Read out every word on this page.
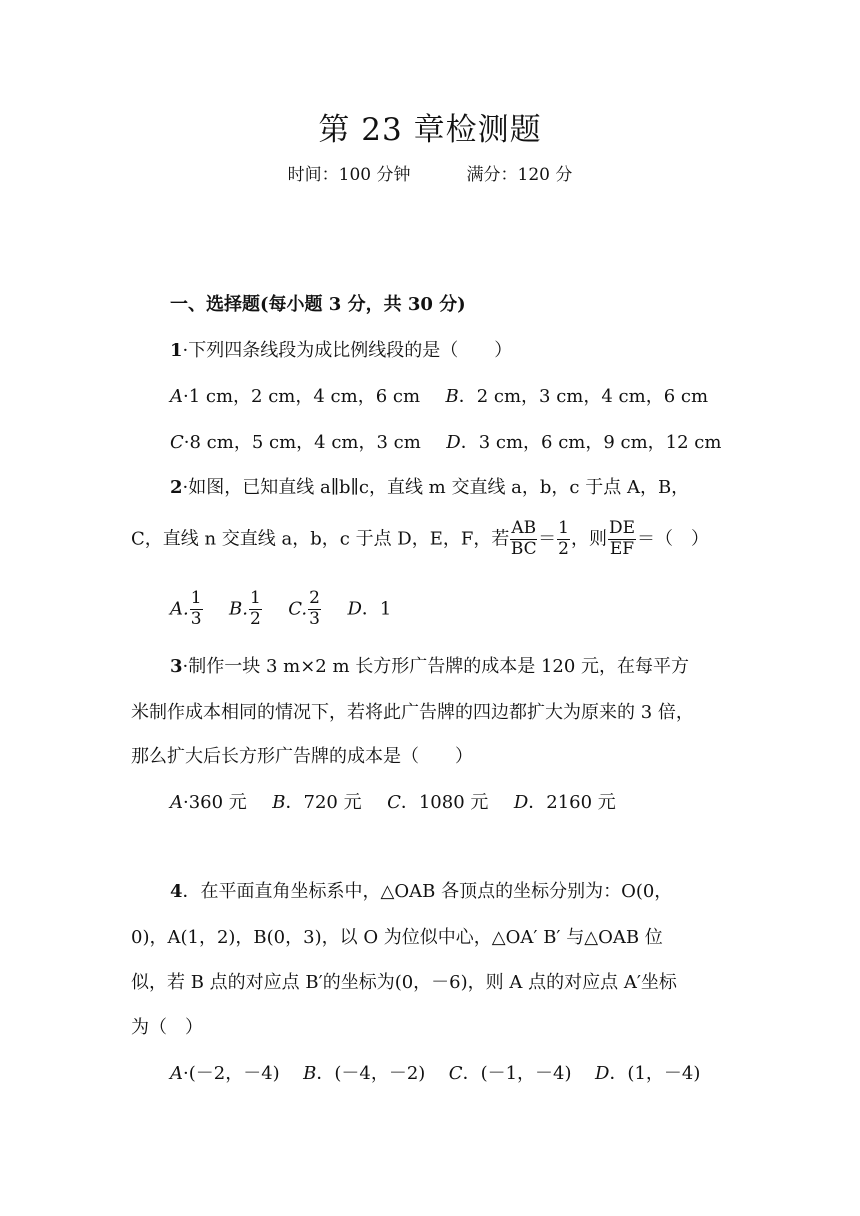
第 23 章检测题
时间：100 分钟	满分：120 分
一、选择题(每小题 3 分，共 30 分)
1·下列四条线段为成比例线段的是（　　）
A·1 cm，2 cm，4 cm，6 cm B．2 cm，3 cm，4 cm，6 cm
C·8 cm，5 cm，4 cm，3 cm D．3 cm，6 cm，9 cm，12 cm
2·如图，已知直线 a∥b∥c，直线 m 交直线 a，b，c 于点 A，B，
C，直线 n 交直线 a，b，c 于点 D，E，F，若 $\frac{AB}{BC} = \frac{1}{2}$ ，则 $\frac{DE}{EF}$ ＝（　）
A. $\frac{1}{3} B$. $\frac{1}{2} C$. $\frac{2}{3}$ D．1
3·制作一块 3 m×2 m 长方形广告牌的成本是 120 元，在每平方
米制作成本相同的情况下，若将此广告牌的四边都扩大为原来的 3 倍，
那么扩大后长方形广告牌的成本是（　　）
A·360 元 B．720 元 C．1080 元 D．2160 元
4．在平面直角坐标系中，△OAB 各顶点的坐标分别为：O(0，
0)，A(1，2)，B(0，3)，以 O 为位似中心，△OA′ B′ 与△OAB 位
似，若 B 点的对应点 B′的坐标为(0，－6)，则 A 点的对应点 A′坐标
为（　）
A·(－2，－4) B．(－4，－2) C．(－1，－4) D．(1，－4)
